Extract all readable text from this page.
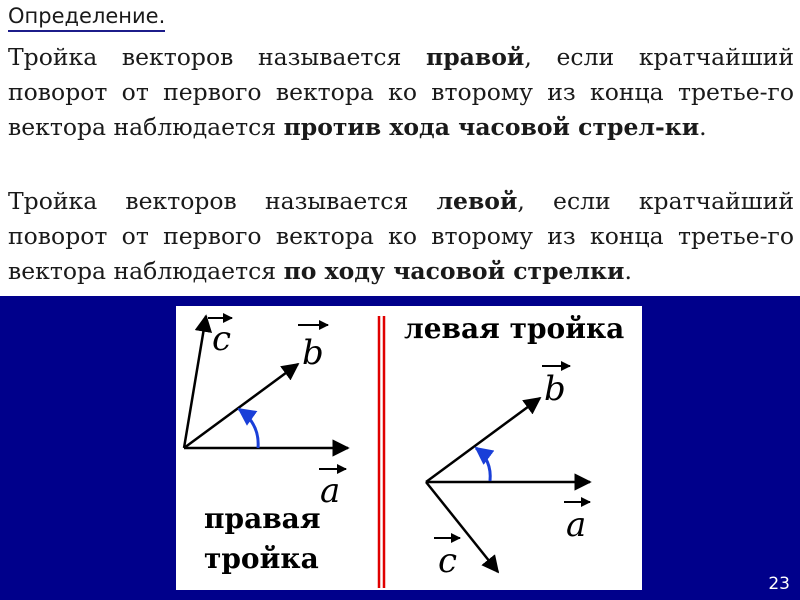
Определение.
Тройка векторов называется правой, если кратчайший поворот от первого вектора ко второму из конца третье-го вектора наблюдается против хода часовой стрел-ки.
Тройка векторов называется левой, если кратчайший поворот от первого вектора ко второму из конца третье-го вектора наблюдается по ходу часовой стрелки.
a
b
c
правая
тройка
левая тройка
a
b
c
23
